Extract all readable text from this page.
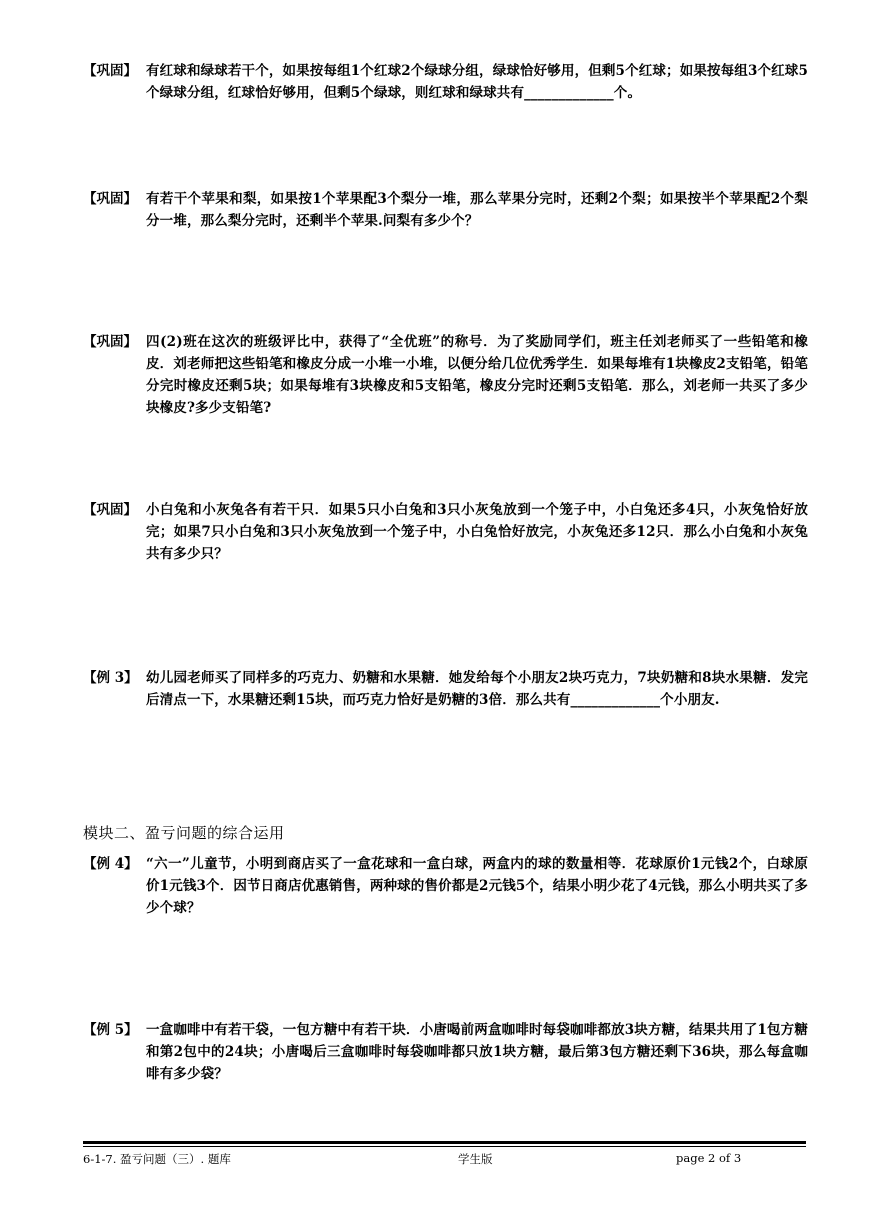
【巩固】 有红球和绿球若干个，如果按每组1个红球2个绿球分组，绿球恰好够用，但剩5个红球；如果按每组3个红球5个绿球分组，红球恰好够用，但剩5个绿球，则红球和绿球共有_____________个。
【巩固】 有若干个苹果和梨，如果按1个苹果配3个梨分一堆，那么苹果分完时，还剩2个梨；如果按半个苹果配2个梨分一堆，那么梨分完时，还剩半个苹果.问梨有多少个？
【巩固】 四(2)班在这次的班级评比中，获得了“全优班”的称号．为了奖励同学们，班主任刘老师买了一些铅笔和橡皮．刘老师把这些铅笔和橡皮分成一小堆一小堆，以便分给几位优秀学生．如果每堆有1块橡皮2支铅笔，铅笔分完时橡皮还剩5块；如果每堆有3块橡皮和5支铅笔，橡皮分完时还剩5支铅笔．那么，刘老师一共买了多少块橡皮?多少支铅笔?
【巩固】 小白兔和小灰兔各有若干只．如果5只小白兔和3只小灰兔放到一个笼子中，小白兔还多4只，小灰兔恰好放完；如果7只小白兔和3只小灰兔放到一个笼子中，小白兔恰好放完，小灰兔还多12只．那么小白兔和小灰兔共有多少只？
【例 3】 幼儿园老师买了同样多的巧克力、奶糖和水果糖．她发给每个小朋友2块巧克力，7块奶糖和8块水果糖．发完后清点一下，水果糖还剩15块，而巧克力恰好是奶糖的3倍．那么共有_____________个小朋友.
模块二、盈亏问题的综合运用
【例 4】 “六一”儿童节，小明到商店买了一盒花球和一盒白球，两盒内的球的数量相等．花球原价1元钱2个，白球原价1元钱3个．因节日商店优惠销售，两种球的售价都是2元钱5个，结果小明少花了4元钱，那么小明共买了多少个球？
【例 5】 一盒咖啡中有若干袋，一包方糖中有若干块．小唐喝前两盒咖啡时每袋咖啡都放3块方糖，结果共用了1包方糖和第2包中的24块；小唐喝后三盒咖啡时每袋咖啡都只放1块方糖，最后第3包方糖还剩下36块，那么每盒咖啡有多少袋？
6-1-7. 盈亏问题（三）. 题库	学生版	page 2 of 3
